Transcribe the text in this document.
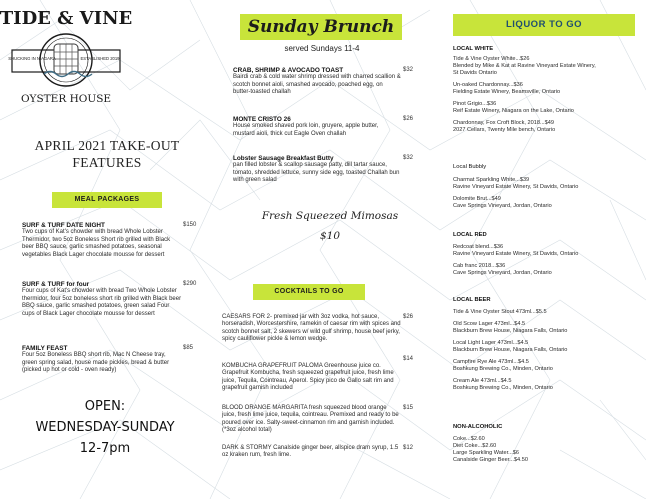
TIDE & VINE
SHUCKING IN NIAGARA	ESTABLISHED 2019
OYSTER HOUSE
APRIL 2021 TAKE-OUT FEATURES
MEAL PACKAGES
SURF & TURF DATE NIGHT
Two cups of Kat's chowder with bread Whole Lobster Thermidor, two 5oz Boneless Short rib grilled with Black beer BBQ sauce, garlic smashed potatoes, seasonal vegetables Black Lager chocolate mousse for dessert
$150
SURF & TURF for four
Four cups of Kat's chowder with bread Two Whole Lobster thermidor, four 5oz boneless short rib grilled with Black beer BBQ sauce, garlic smashed potatoes, green salad Four cups of Black Lager chocolate mousse for dessert
$290
FAMILY FEAST
Four 5oz Boneless BBQ short rib, Mac N Cheese tray, green spring salad, house made pickles, bread & butter (picked up hot or cold - oven ready)
$85
OPEN:
WEDNESDAY-SUNDAY
12-7pm
Sunday Brunch
served Sundays 11-4
CRAB, SHRIMP & AVOCADO TOAST
Bairdi crab & cold water shrimp dressed with charred scallion & scotch bonnet aioli, smashed avocado, poached egg, on butter-toasted challah
$32
MONTE CRISTO 26
House smoked shaved pork loin, gruyere, apple butter, mustard aioli, thick cut Eagle Oven challah
$26
Lobster Sausage Breakfast Butty
pan filled lobster & scallop sausage patty, dill tartar sauce, tomato, shredded lettuce, sunny side egg, toasted Challah bun with green salad
$32
Fresh Squeezed Mimosas
$10
COCKTAILS TO GO
CAESARS FOR 2- premixed jar with 3oz vodka, hot sauce, horseradish, Worcestershire, ramekin of caesar rim with spices and scotch bonnet salt, 2 skewers w/ wild gulf shrimp, house beef jerky, spicy cauliflower pickle & lemon wedge.
$26
KOMBUCHA GRAPEFRUIT PALOMA Greenhouse juice co. Grapefruit Kombucha, fresh squeezed grapefruit juice, fresh lime juice, Tequila, Cointreau, Aperol. Spicy pico de Gallo salt rim and grapefruit garnish included
$14
BLOOD ORANGE MARGARITA fresh squeezed blood orange juice, fresh lime juice, tequila, cointreau. Premixed and ready to be poured over ice. Salty-sweet-cinnamon rim and garnish included. (*3oz alcohol total)
$15
DARK & STORMY Canalside ginger beer, allspice dram syrup, 1.5 oz kraken rum, fresh lime.
$12
LIQUOR TO GO
LOCAL WHITE
Tide & Vine Oyster White...$26
Blended by Mike & Kat at Ravine Vineyard Estate Winery,
St Davids Ontario
Un-oaked Chardonnay...$36
Fielding Estate Winery, Beamsville, Ontario
Pinot Grigio...$36
Reif Estate Winery, Niagara on the Lake, Ontario
Chardonnay, Fox Croft Block, 2018...$49
2027 Cellars, Twenty Mile bench, Ontario
Local Bubbly
Charmat Sparkling White...$39
Ravine Vineyard Estate Winery, St Davids, Ontario
Dolomite Brut...$49
Cave Springs Vineyard, Jordan, Ontario
LOCAL RED
Redcoat blend...$36
Ravine Vineyard Estate Winery, St Davids, Ontario
Cab franc 2018...$36
Cave Springs Vineyard, Jordan, Ontario
LOCAL BEER
Tide & Vine Oyster Stout 473ml...$5.5
Old Scow Lager 473ml...$4.5
Blackburn Brew House, Niagara Falls, Ontario
Local Light Lager 473ml...$4.5
Blackburn Brew House, Niagara Falls, Ontario
Campfire Rye Ale 473ml...$4.5
Boshkung Brewing Co., Minden, Ontario
Cream Ale 473ml...$4.5
Boshkung Brewing Co., Minden, Ontario
NON-ALCOHOLIC
Coke...$2.60
Diet Coke...$2.60
Large Sparkling Water...$6
Canalside Ginger Beer...$4.50
